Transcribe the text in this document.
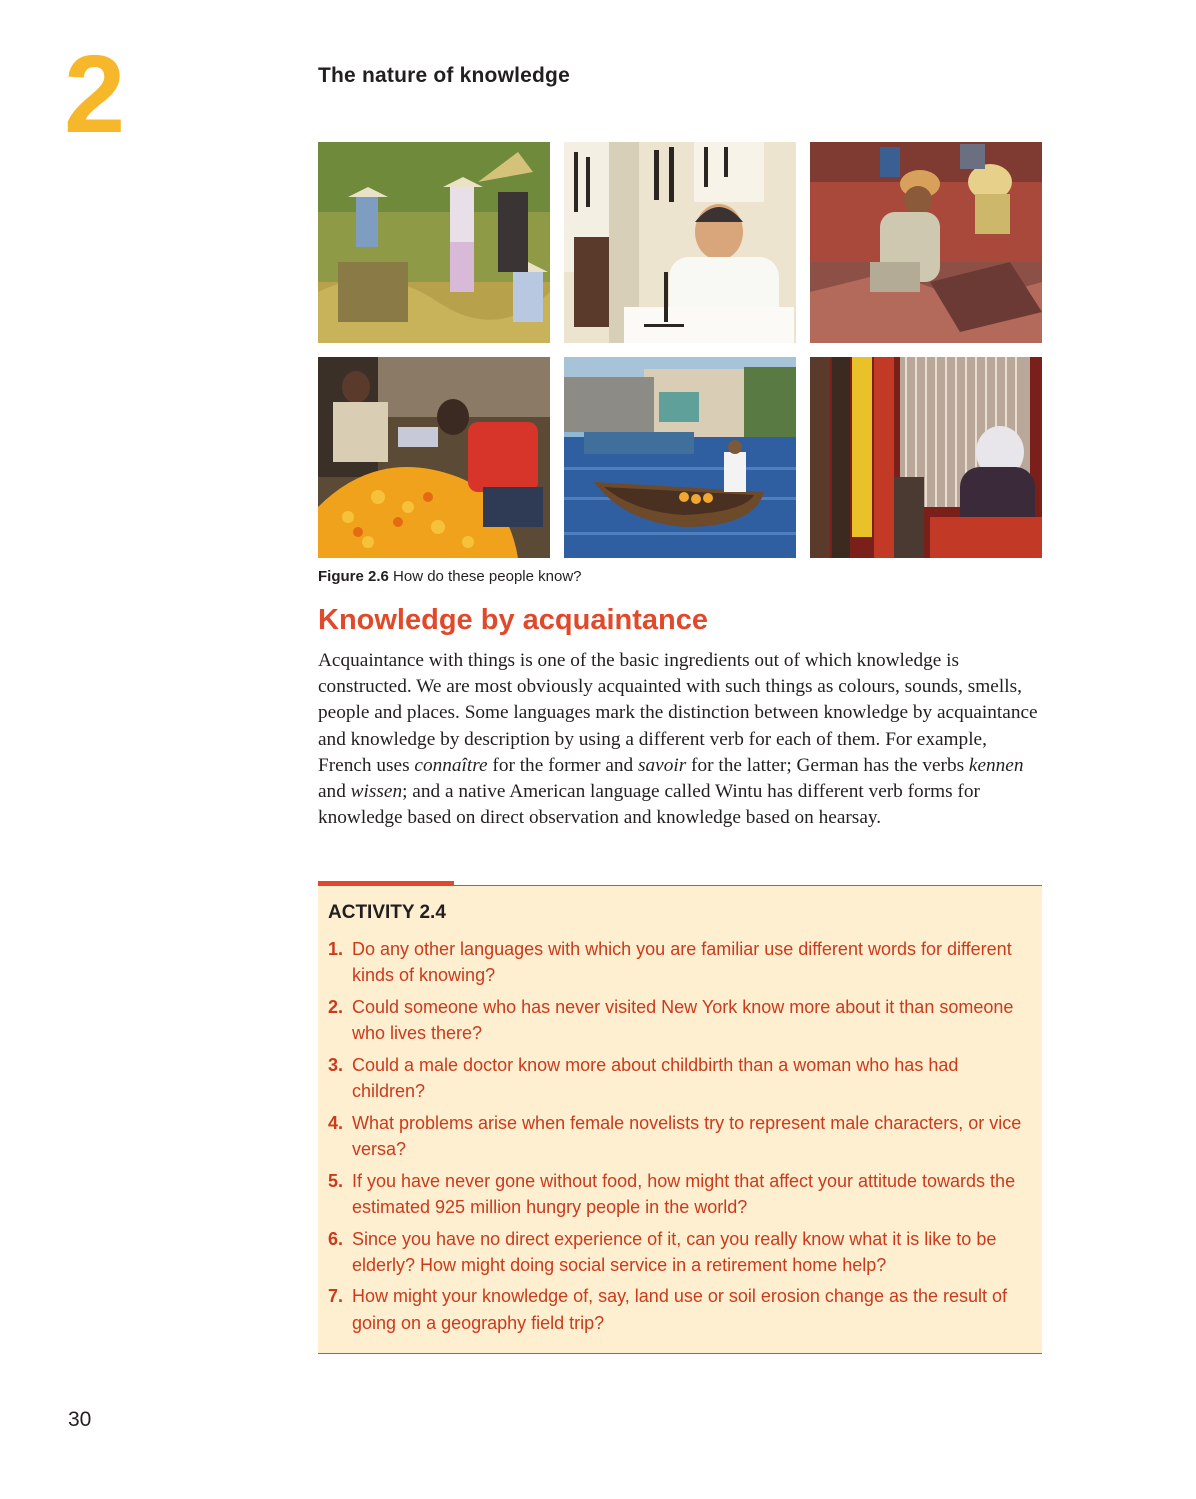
2	The nature of knowledge
Figure 2.6 How do these people know?
Knowledge by acquaintance

Acquaintance with things is one of the basic ingredients out of which knowledge is constructed. We are most obviously acquainted with such things as colours, sounds, smells, people and places. Some languages mark the distinction between knowledge by acquaintance and knowledge by description by using a different verb for each of them. For example, French uses connaître for the former and savoir for the latter; German has the verbs kennen and wissen; and a native American language called Wintu has different verb forms for knowledge based on direct observation and knowledge based on hearsay.

ACTIVITY 2.4
1. Do any other languages with which you are familiar use different words for different kinds of knowing?
2. Could someone who has never visited New York know more about it than someone who lives there?
3. Could a male doctor know more about childbirth than a woman who has had children?
4. What problems arise when female novelists try to represent male characters, or vice versa?
5. If you have never gone without food, how might that affect your attitude towards the estimated 925 million hungry people in the world?
6. Since you have no direct experience of it, can you really know what it is like to be elderly? How might doing social service in a retirement home help?
7. How might your knowledge of, say, land use or soil erosion change as the result of going on a geography field trip?
30
